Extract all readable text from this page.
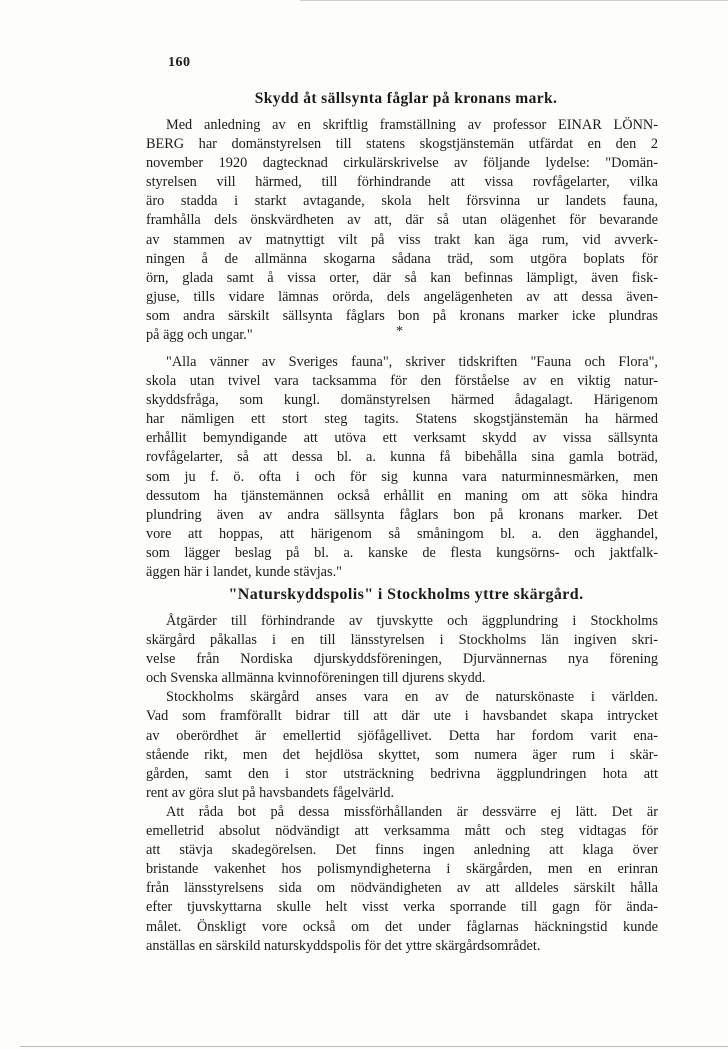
160
Skydd åt sällsynta fåglar på kronans mark.
Med anledning av en skriftlig framställning av professor EINAR LÖNN-
BERG har domänstyrelsen till statens skogstjänstemän utfärdat en den 2
november 1920 dagtecknad cirkulärskrivelse av följande lydelse: "Domän-
styrelsen vill härmed, till förhindrande att vissa rovfågelarter, vilka
äro stadda i starkt avtagande, skola helt försvinna ur landets fauna,
framhålla dels önskvärdheten av att, där så utan olägenhet för bevarande
av stammen av matnyttigt vilt på viss trakt kan äga rum, vid avverk-
ningen å de allmänna skogarna sådana träd, som utgöra boplats för
örn, glada samt å vissa orter, där så kan befinnas lämpligt, även fisk-
gjuse, tills vidare lämnas orörda, dels angelägenheten av att dessa även-
som andra särskilt sällsynta fåglars bon på kronans marker icke plundras
på ägg och ungar."	*
"Alla vänner av Sveriges fauna", skriver tidskriften "Fauna och Flora",
skola utan tvivel vara tacksamma för den förståelse av en viktig natur-
skyddsfråga, som kungl. domänstyrelsen härmed ådagalagt. Härigenom
har nämligen ett stort steg tagits. Statens skogstjänstemän ha härmed
erhållit bemyndigande att utöva ett verksamt skydd av vissa sällsynta
rovfågelarter, så att dessa bl. a. kunna få bibehålla sina gamla boträd,
som ju f. ö. ofta i och för sig kunna vara naturminnesmärken, men
dessutom ha tjänstemännen också erhållit en maning om att söka hindra
plundring även av andra sällsynta fåglars bon på kronans marker. Det
vore att hoppas, att härigenom så småningom bl. a. den ägghandel,
som lägger beslag på bl. a. kanske de flesta kungsörns- och jaktfalk-
äggen här i landet, kunde stävjas."
"Naturskyddspolis" i Stockholms yttre skärgård.
Åtgärder till förhindrande av tjuvskytte och äggplundring i Stockholms
skärgård påkallas i en till länsstyrelsen i Stockholms län ingiven skri-
velse från Nordiska djurskyddsföreningen, Djurvännernas nya förening
och Svenska allmänna kvinnoföreningen till djurens skydd.
Stockholms skärgård anses vara en av de naturskönaste i världen.
Vad som framförallt bidrar till att där ute i havsbandet skapa intrycket
av oberördhet är emellertid sjöfågellivet. Detta har fordom varit ena-
stående rikt, men det hejdlösa skyttet, som numera äger rum i skär-
gården, samt den i stor utsträckning bedrivna äggplundringen hota att
rent av göra slut på havsbandets fågelvärld.
Att råda bot på dessa missförhållanden är dessvärre ej lätt. Det är
emelletrid absolut nödvändigt att verksamma mått och steg vidtagas för
att stävja skadegörelsen. Det finns ingen anledning att klaga över
bristande vakenhet hos polismyndigheterna i skärgården, men en erinran
från länsstyrelsens sida om nödvändigheten av att alldeles särskilt hålla
efter tjuvskyttarna skulle helt visst verka sporrande till gagn för ända-
målet. Önskligt vore också om det under fåglarnas häckningstid kunde
anställas en särskild naturskyddspolis för det yttre skärgårdsområdet.
